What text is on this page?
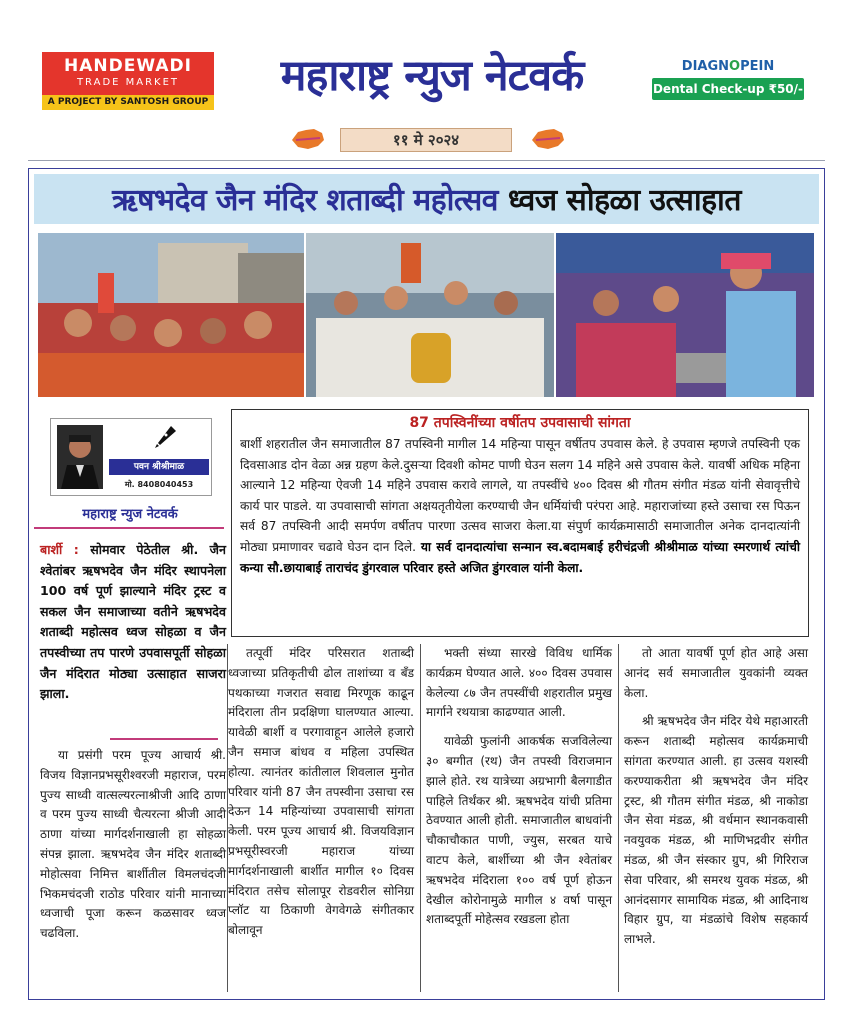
HANDEWADI
TRADE MARKET
A PROJECT BY SANTOSH GROUP
महाराष्ट्र न्युज नेटवर्क	DIAGNOPEIN
Dental Check-up ₹50/-
११ मे २०२४
ऋषभदेव जैन मंदिर शताब्दी महोत्सव ध्वज सोहळा उत्साहात
87 तपस्विनींच्या वर्षीतप उपवासाची सांगता
बार्शी शहरातील जैन समाजातील 87 तपस्विनी मागील 14 महिन्या पासून वर्षीतप उपवास केले. हे उपवास म्हणजे तपस्विनी एक दिवसाआड दोन वेळा अन्न ग्रहण केले.दुसऱ्या दिवशी कोमट पाणी घेउन सलग 14 महिने असे उपवास केले. यावर्षी अधिक महिना आल्याने 12 महिन्या ऐवजी 14 महिने उपवास करावे लागले, या तपस्वींचे ४०० दिवस श्री गौतम संगीत मंडळ यांनी सेवावृत्तीचे कार्य पार पाडले. या उपवासाची सांगता अक्षयतृतीयेला करण्याची जैन धर्मियांची परंपरा आहे. महाराजांच्या हस्ते उसाचा रस पिऊन सर्व 87 तपस्विनी आदी समर्पण वर्षीतप पारणा उत्सव साजरा केला.या संपुर्ण कार्यक्रमासाठी समाजातील अनेक दानदात्यांनी मोठ्या प्रमाणावर चढावे घेउन दान दिले. या सर्व दानदात्यांचा सन्मान स्व.बदामबाई हरीचंद्रजी श्रीश्रीमाळ यांच्या स्मरणार्थ त्यांची कन्या सौ.छायाबाई ताराचंद डुंगरवाल परिवार हस्ते अजित डुंगरवाल यांनी केला.
पवन श्रीश्रीमाळ
मो. 8408040453
महाराष्ट्र न्युज नेटवर्क
बार्शी : सोमवार पेठेतील श्री. जैन श्वेतांबर ऋषभदेव जैन मंदिर स्थापनेला 100 वर्ष पूर्ण झाल्याने मंदिर ट्रस्ट व सकल जैन समाजाच्या वतीने ऋषभदेव शताब्दी महोत्सव ध्वज सोहळा व जैन तपस्वीच्या तप पारणे उपवासपूर्ती सोहळा जैन मंदिरात मोठ्या उत्साहात साजरा झाला.

या प्रसंगी परम पूज्य आचार्य श्री. विजय विज्ञानप्रभसूरीश्वरजी महाराज, परम पुज्य साध्वी वात्सल्यरत्नाश्रीजी आदि ठाणा व परम पुज्य साध्वी चैत्यरत्ना श्रीजी आदी ठाणा यांच्या मार्गदर्शनाखाली हा सोहळा संपन्न झाला. ऋषभदेव जैन मंदिर शताब्दी मोहोत्सवा निमित्त बार्शीतील विमलचंदजी भिकमचंदजी राठोड परिवार यांनी मानाच्या ध्वजाची पूजा करून कळसावर ध्वज चढविला.

तत्पूर्वी मंदिर परिसरात शताब्दी ध्वजाच्या प्रतिकृतीची ढोल ताशांच्या व बँड पथकाच्या गजरात सवाद्य मिरणूक काढून मंदिराला तीन प्रदक्षिणा घालण्यात आल्या. यावेळी बार्शी व परगावाहून आलेले हजारो जैन समाज बांधव व महिला उपस्थित होत्या. त्यानंतर कांतीलाल शिवलाल मुनोत परिवार यांनी 87 जैन तपस्वीना उसाचा रस देऊन 14 महिन्यांच्या उपवासाची सांगता केली. परम पूज्य आचार्य श्री. विजयविज्ञान प्रभसूरीस्वरजी महाराज यांच्या मार्गदर्शनाखाली बार्शीत मागील १० दिवस मंदिरात तसेच सोलापूर रोडवरील सोनिग्रा प्लॉट या ठिकाणी वेगवेगळे संगीतकार बोलावून

भक्ती संध्या सारखे विविध धार्मिक कार्यक्रम घेण्यात आले. ४०० दिवस उपवास केलेल्या ८७ जैन तपस्वींची शहरातील प्रमुख मार्गाने रथयात्रा काढण्यात आली.

यावेळी फुलांनी आकर्षक सजविलेल्या ३० बग्गीत (रथ) जैन तपस्वी विराजमान झाले होते. रथ यात्रेच्या अग्रभागी बैलगाडीत पाहिले तिर्थंकर श्री. ऋषभदेव यांची प्रतिमा ठेवण्यात आली होती. समाजातील बाधवांनी चौकाचौकात पाणी, ज्युस, सरबत याचे वाटप केले, बार्शीच्या श्री जैन श्वेतांबर ऋषभदेव मंदिराला १०० वर्ष पूर्ण होऊन देखील कोरोनामुळे मागील ४ वर्षा पासून शताब्दपूर्ती मोहेत्सव रखडला होता

तो आता यावर्षी पूर्ण होत आहे असा आनंद सर्व समाजातील युवकांनी व्यक्त केला.

श्री ऋषभदेव जैन मंदिर येथे महाआरती करून शताब्दी महोत्सव कार्यक्रमाची सांगता करण्यात आली. हा उत्सव यशस्वी करण्याकरीता श्री ऋषभदेव जैन मंदिर ट्रस्ट, श्री गौतम संगीत मंडळ, श्री नाकोडा जैन सेवा मंडळ, श्री वर्धमान स्थानकवासी नवयुवक मंडळ, श्री माणिभद्रवीर संगीत मंडळ, श्री जैन संस्कार ग्रुप, श्री गिरिराज सेवा परिवार, श्री समरथ युवक मंडळ, श्री आनंदसागर सामायिक मंडळ, श्री आदिनाथ विहार ग्रुप, या मंडळांचे विशेष सहकार्य लाभले.
